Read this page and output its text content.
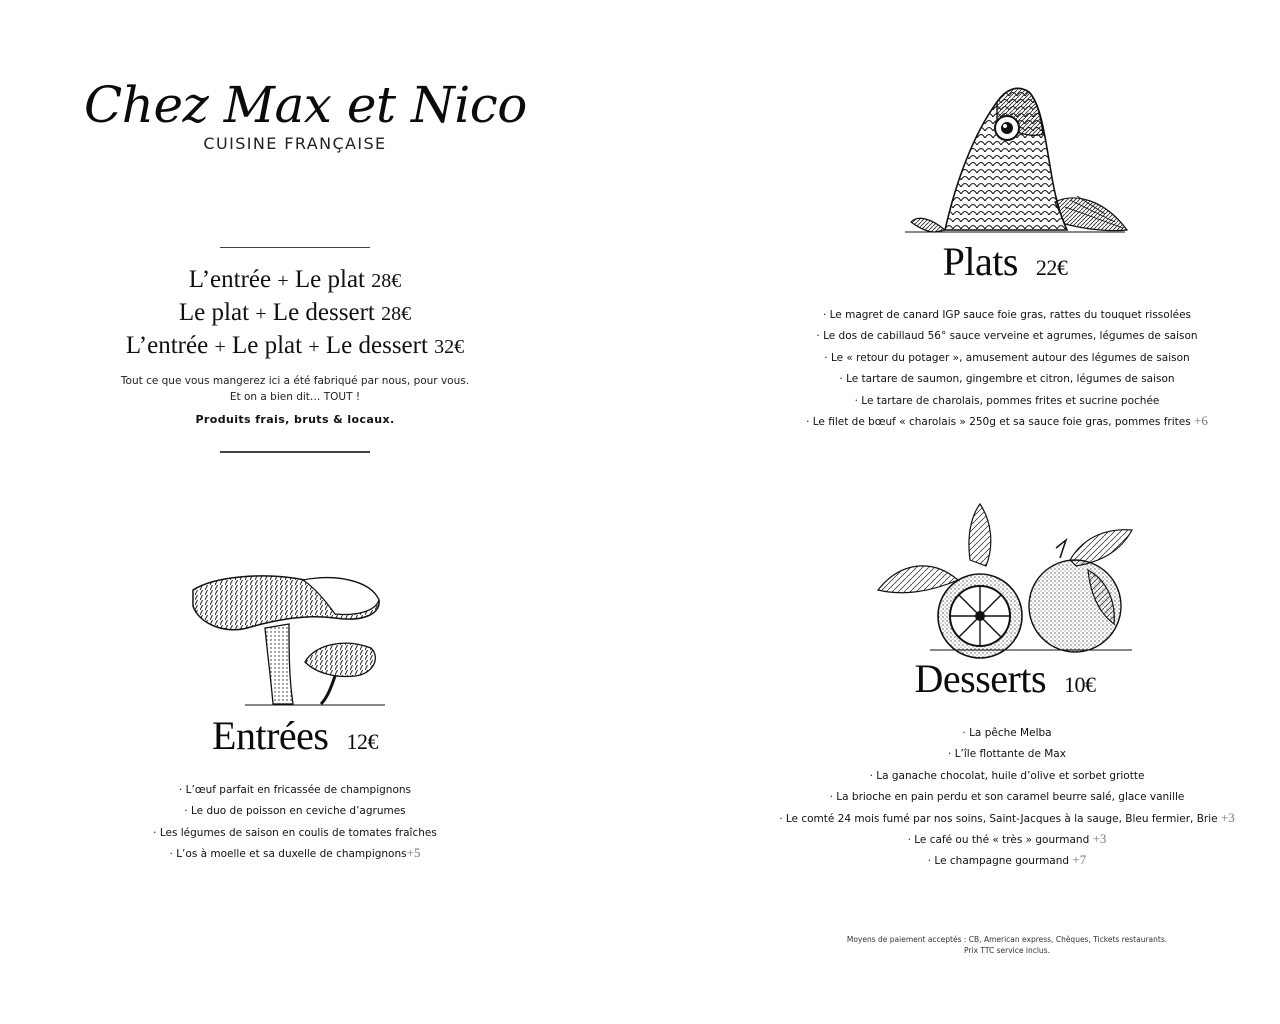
Chez Max et Nico
CUISINE FRANÇAISE
L’entrée + Le plat 28€
Le plat + Le dessert 28€
L’entrée + Le plat + Le dessert 32€
Tout ce que vous mangerez ici a été fabriqué par nous, pour vous.
Et on a bien dit… TOUT !
Produits frais, bruts & locaux.
Plats 22€
· Le magret de canard IGP sauce foie gras, rattes du touquet rissolées
· Le dos de cabillaud 56° sauce verveine et agrumes, légumes de saison
· Le « retour du potager », amusement autour des légumes de saison
· Le tartare de saumon, gingembre et citron, légumes de saison
· Le tartare de charolais, pommes frites et sucrine pochée
· Le filet de bœuf « charolais » 250g et sa sauce foie gras, pommes frites +6
Entrées 12€
· L’œuf parfait en fricassée de champignons
· Le duo de poisson en ceviche d’agrumes
· Les légumes de saison en coulis de tomates fraîches
· L’os à moelle et sa duxelle de champignons+5
Desserts 10€
· La pêche Melba
· L’île flottante de Max
· La ganache chocolat, huile d’olive et sorbet griotte
· La brioche en pain perdu et son caramel beurre salé, glace vanille
· Le comté 24 mois fumé par nos soins, Saint-Jacques à la sauge, Bleu fermier, Brie +3
· Le café ou thé « très » gourmand +3
· Le champagne gourmand +7
Moyens de paiement acceptés : CB, American express, Chèques, Tickets restaurants.
Prix TTC service inclus.
